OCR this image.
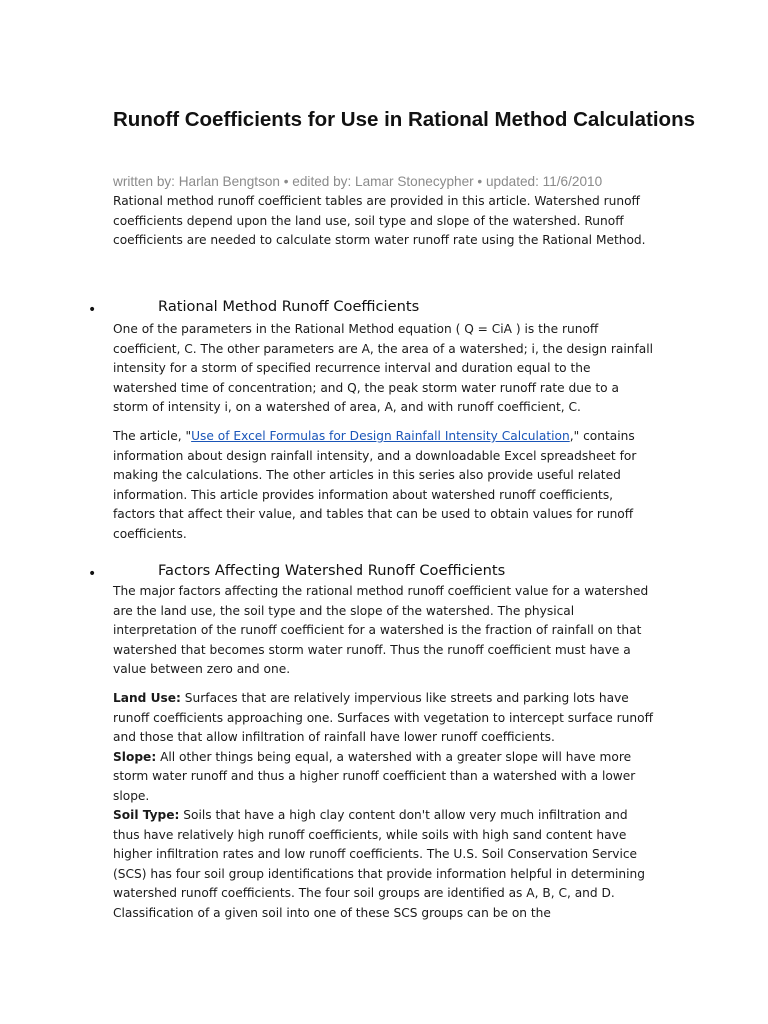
Runoff Coefficients for Use in Rational Method Calculations
written by: Harlan Bengtson • edited by: Lamar Stonecypher • updated: 11/6/2010

Rational method runoff coefficient tables are provided in this article. Watershed runoff coefficients depend upon the land use, soil type and slope of the watershed. Runoff coefficients are needed to calculate storm water runoff rate using the Rational Method.

•	Rational Method Runoff Coefficients

One of the parameters in the Rational Method equation ( Q = CiA ) is the runoff coefficient, C. The other parameters are A, the area of a watershed; i, the design rainfall intensity for a storm of specified recurrence interval and duration equal to the watershed time of concentration; and Q, the peak storm water runoff rate due to a storm of intensity i, on a watershed of area, A, and with runoff coefficient, C.

The article, "Use of Excel Formulas for Design Rainfall Intensity Calculation," contains information about design rainfall intensity, and a downloadable Excel spreadsheet for making the calculations. The other articles in this series also provide useful related information. This article provides information about watershed runoff coefficients, factors that affect their value, and tables that can be used to obtain values for runoff coefficients.

•	Factors Affecting Watershed Runoff Coefficients

The major factors affecting the rational method runoff coefficient value for a watershed are the land use, the soil type and the slope of the watershed. The physical interpretation of the runoff coefficient for a watershed is the fraction of rainfall on that watershed that becomes storm water runoff. Thus the runoff coefficient must have a value between zero and one.

Land Use: Surfaces that are relatively impervious like streets and parking lots have runoff coefficients approaching one. Surfaces with vegetation to intercept surface runoff and those that allow infiltration of rainfall have lower runoff coefficients.
Slope: All other things being equal, a watershed with a greater slope will have more storm water runoff and thus a higher runoff coefficient than a watershed with a lower slope.
Soil Type: Soils that have a high clay content don't allow very much infiltration and thus have relatively high runoff coefficients, while soils with high sand content have higher infiltration rates and low runoff coefficients. The U.S. Soil Conservation Service (SCS) has four soil group identifications that provide information helpful in determining watershed runoff coefficients. The four soil groups are identified as A, B, C, and D. Classification of a given soil into one of these SCS groups can be on the
